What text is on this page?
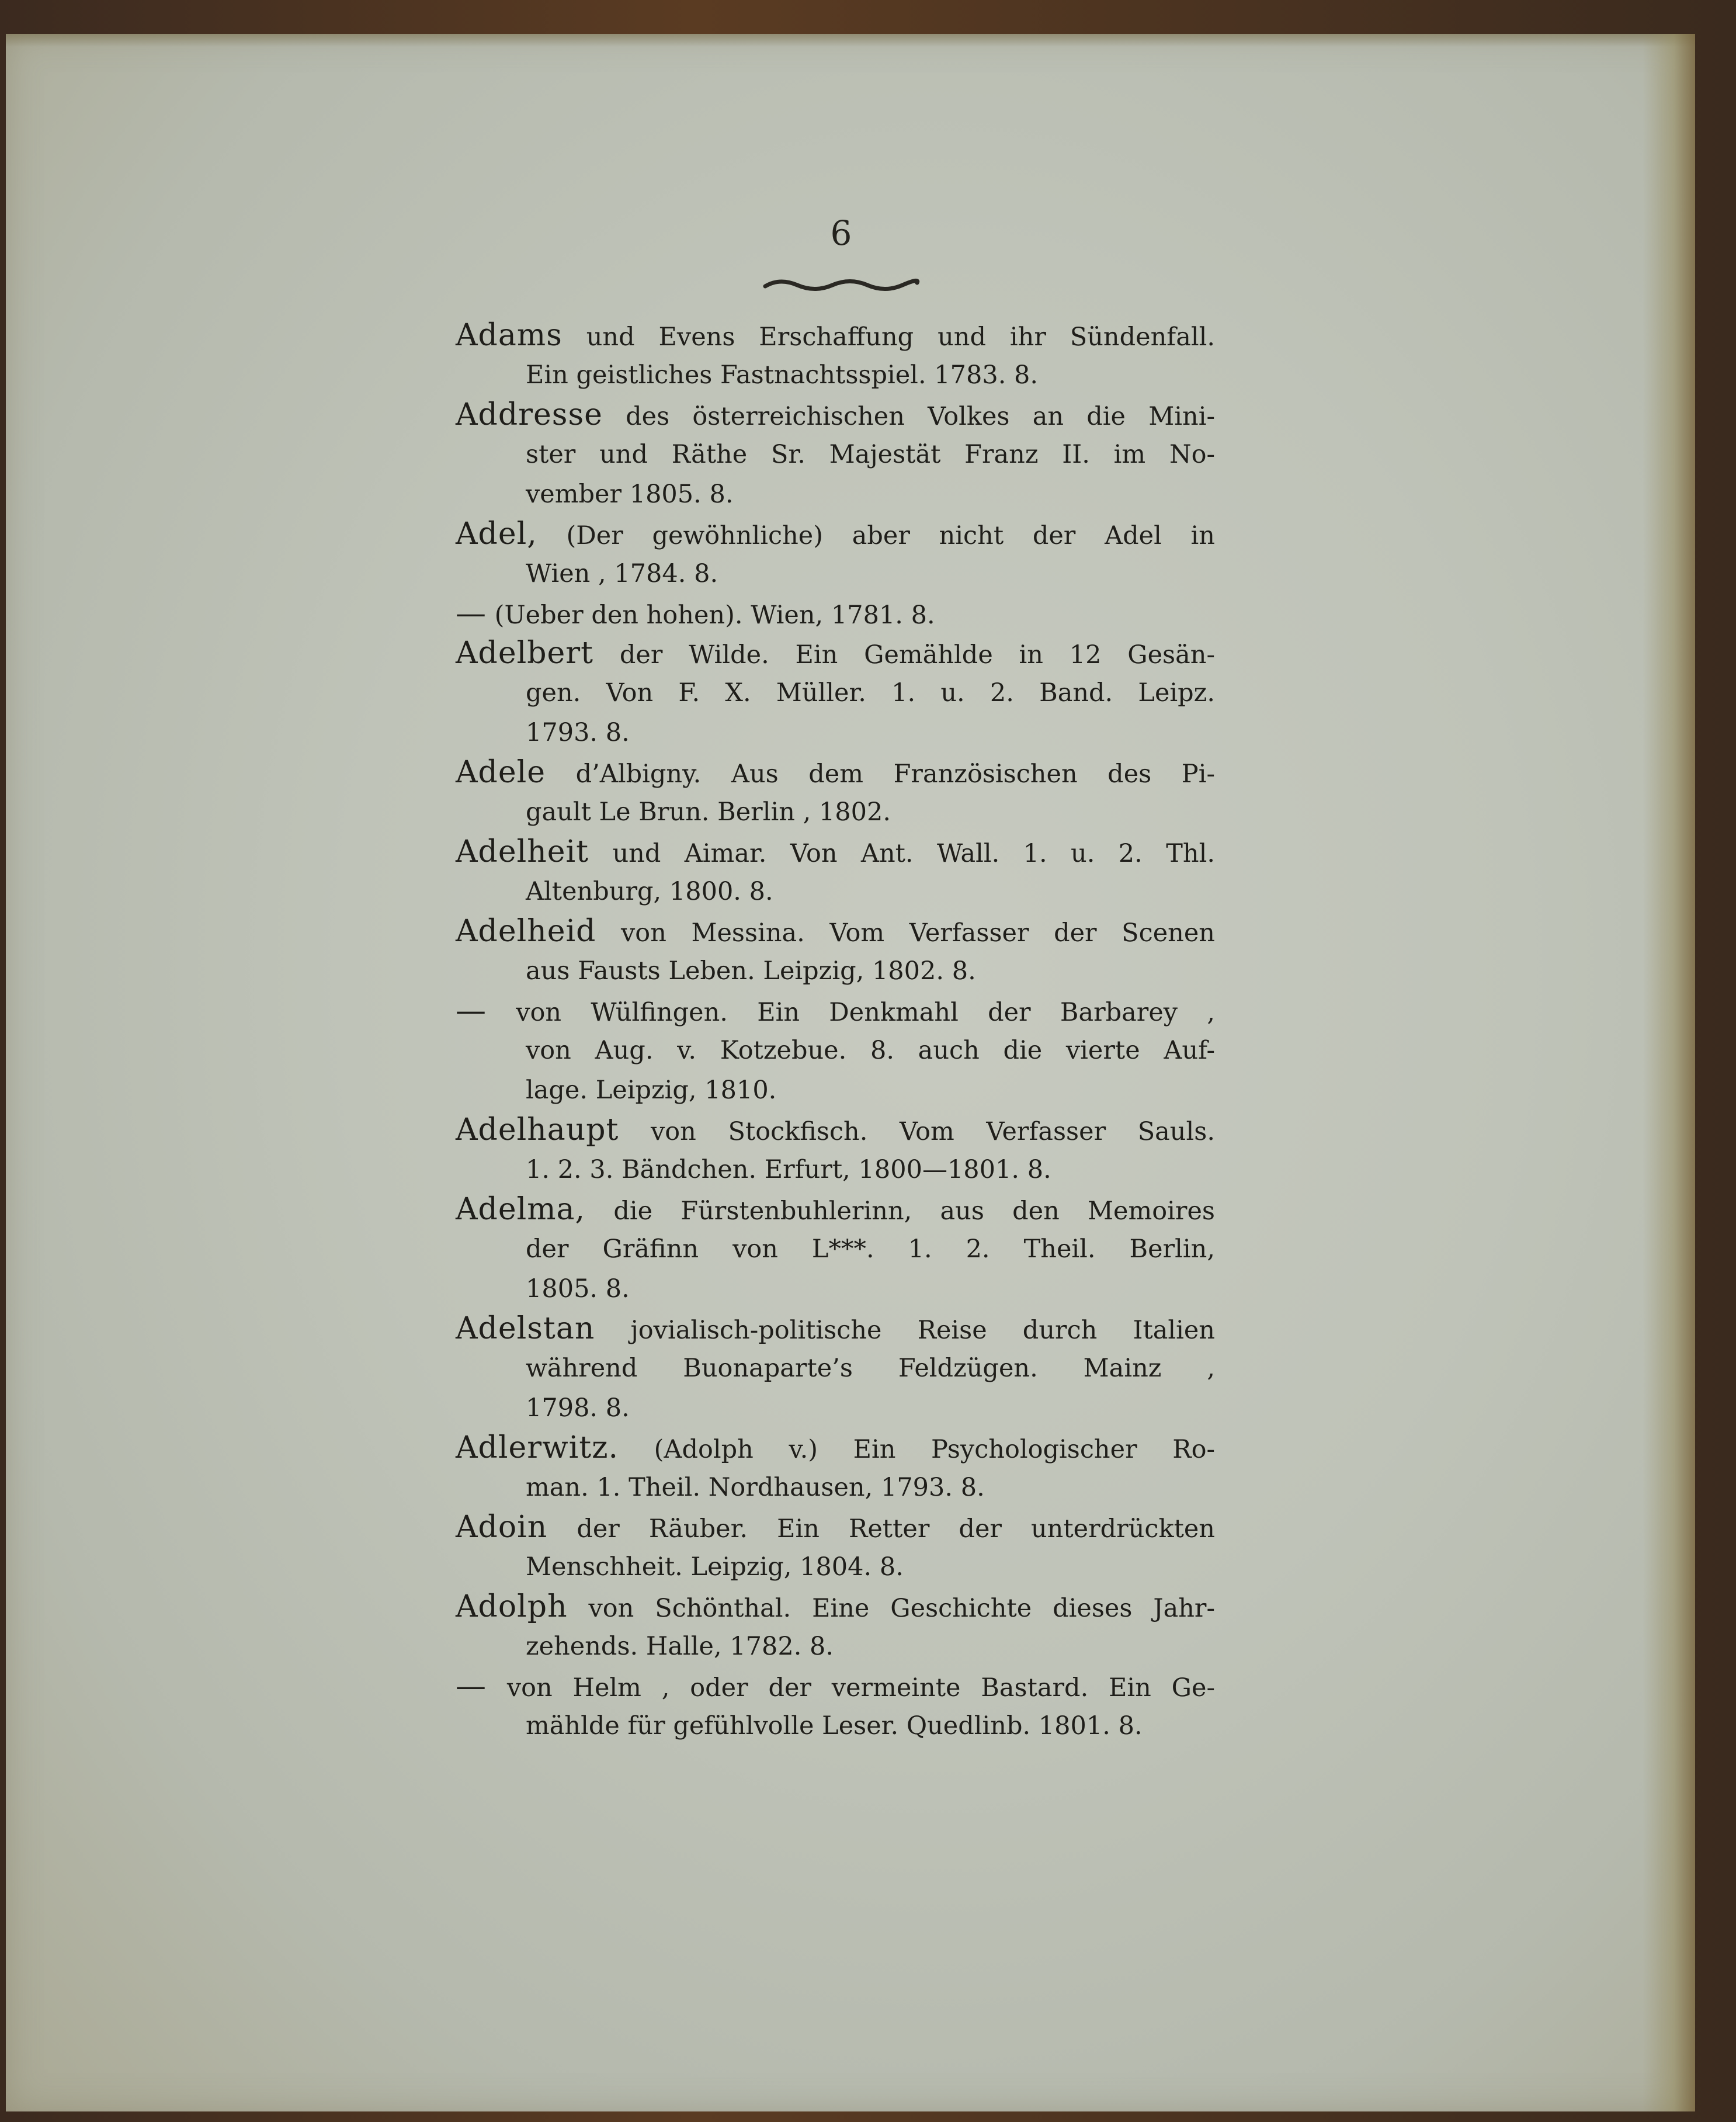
6
Adams und Evens Erschaffung und ihr Sündenfall.
Ein geistliches Fastnachtsspiel. 1783. 8.
Addresse des österreichischen Volkes an die Mini-
ster und Räthe Sr. Majestät Franz II. im No-
vember 1805. 8.
Adel, (Der gewöhnliche) aber nicht der Adel in
Wien , 1784. 8.
— (Ueber den hohen). Wien, 1781. 8.
Adelbert der Wilde. Ein Gemählde in 12 Gesän-
gen. Von F. X. Müller. 1. u. 2. Band. Leipz.
1793. 8.
Adele d’Albigny. Aus dem Französischen des Pi-
gault Le Brun. Berlin , 1802.
Adelheit und Aimar. Von Ant. Wall. 1. u. 2. Thl.
Altenburg, 1800. 8.
Adelheid von Messina. Vom Verfasser der Scenen
aus Fausts Leben. Leipzig, 1802. 8.
— von Wülfingen. Ein Denkmahl der Barbarey ,
von Aug. v. Kotzebue. 8. auch die vierte Auf-
lage. Leipzig, 1810.
Adelhaupt von Stockfisch. Vom Verfasser Sauls.
1. 2. 3. Bändchen. Erfurt, 1800—1801. 8.
Adelma, die Fürstenbuhlerinn, aus den Memoires
der Gräfinn von L***. 1. 2. Theil. Berlin,
1805. 8.
Adelstan jovialisch-politische Reise durch Italien
während Buonaparte’s Feldzügen. Mainz ,
1798. 8.
Adlerwitz. (Adolph v.) Ein Psychologischer Ro-
man. 1. Theil. Nordhausen, 1793. 8.
Adoin der Räuber. Ein Retter der unterdrückten
Menschheit. Leipzig, 1804. 8.
Adolph von Schönthal. Eine Geschichte dieses Jahr-
zehends. Halle, 1782. 8.
— von Helm , oder der vermeinte Bastard. Ein Ge-
mählde für gefühlvolle Leser. Quedlinb. 1801. 8.
